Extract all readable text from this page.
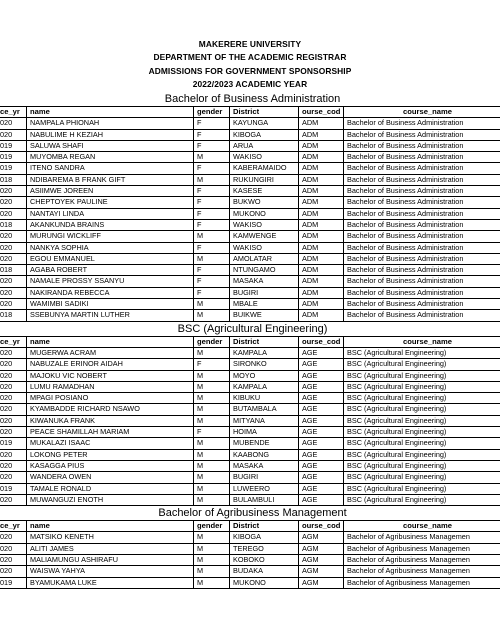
MAKERERE UNIVERSITY
DEPARTMENT OF THE ACADEMIC REGISTRAR
ADMISSIONS FOR GOVERNMENT SPONSORSHIP
2022/2023 ACADEMIC YEAR
Bachelor of Business Administration					
ce_yr	name	gender	District	ourse_cod	course_name
020	NAMPALA PHIONAH	F	KAYUNGA	ADM	Bachelor of Business Administration
020	NABULIME H KEZIAH	F	KIBOGA	ADM	Bachelor of Business Administration
019	SALUWA SHAFI	F	ARUA	ADM	Bachelor of Business Administration
019	MUYOMBA REGAN	M	WAKISO	ADM	Bachelor of Business Administration
019	ITENO SANDRA	F	KABERAMAIDO	ADM	Bachelor of Business Administration
018	NDIBAREMA B FRANK GIFT	M	RUKUNGIRI	ADM	Bachelor of Business Administration
020	ASIIMWE JOREEN	F	KASESE	ADM	Bachelor of Business Administration
020	CHEPTOYEK PAULINE	F	BUKWO	ADM	Bachelor of Business Administration
020	NANTAYI LINDA	F	MUKONO	ADM	Bachelor of Business Administration
018	AKANKUNDA BRAINS	F	WAKISO	ADM	Bachelor of Business Administration
020	MURUNGI WICKLIFF	M	KAMWENGE	ADM	Bachelor of Business Administration
020	NANKYA SOPHIA	F	WAKISO	ADM	Bachelor of Business Administration
020	EGOU EMMANUEL	M	AMOLATAR	ADM	Bachelor of Business Administration
018	AGABA ROBERT	F	NTUNGAMO	ADM	Bachelor of Business Administration
020	NAMALE PROSSY SSANYU	F	MASAKA	ADM	Bachelor of Business Administration
020	NAKIRANDA REBECCA	F	BUGIRI	ADM	Bachelor of Business Administration
020	WAMIMBI SADIKI	M	MBALE	ADM	Bachelor of Business Administration
018	SSEBUNYA MARTIN LUTHER	M	BUIKWE	ADM	Bachelor of Business Administration
BSC (Agricultural Engineering)					
ce_yr	name	gender	District	ourse_cod	course_name
020	MUGERWA ACRAM	M	KAMPALA	AGE	BSC (Agricultural Engineering)
020	NABUZALE ERINOR AIDAH	F	SIRONKO	AGE	BSC (Agricultural Engineering)
020	MAJOKU VIC NOBERT	M	MOYO	AGE	BSC (Agricultural Engineering)
020	LUMU RAMADHAN	M	KAMPALA	AGE	BSC (Agricultural Engineering)
020	MPAGI POSIANO	M	KIBUKU	AGE	BSC (Agricultural Engineering)
020	KYAMBADDE RICHARD NSAWO	M	BUTAMBALA	AGE	BSC (Agricultural Engineering)
020	KIWANUKA FRANK	M	MITYANA	AGE	BSC (Agricultural Engineering)
020	PEACE SHAMILLAH MARIAM	F	HOIMA	AGE	BSC (Agricultural Engineering)
019	MUKALAZI ISAAC	M	MUBENDE	AGE	BSC (Agricultural Engineering)
020	LOKONG PETER	M	KAABONG	AGE	BSC (Agricultural Engineering)
020	KASAGGA PIUS	M	MASAKA	AGE	BSC (Agricultural Engineering)
020	WANDERA OWEN	M	BUGIRI	AGE	BSC (Agricultural Engineering)
019	TAMALE RONALD	M	LUWEERO	AGE	BSC (Agricultural Engineering)
020	MUWANGUZI ENOTH	M	BULAMBULI	AGE	BSC (Agricultural Engineering)
Bachelor of Agribusiness Management					
ce_yr	name	gender	District	ourse_cod	course_name
020	MATSIKO KENETH	M	KIBOGA	AGM	Bachelor of Agribusiness Managemen
020	ALITI JAMES	M	TEREGO	AGM	Bachelor of Agribusiness Managemen
020	MALIAMUNGU ASHIRAFU	M	KOBOKO	AGM	Bachelor of Agribusiness Managemen
020	WAISWA YAHYA	M	BUDAKA	AGM	Bachelor of Agribusiness Managemen
019	BYAMUKAMA LUKE	M	MUKONO	AGM	Bachelor of Agribusiness Managemen
